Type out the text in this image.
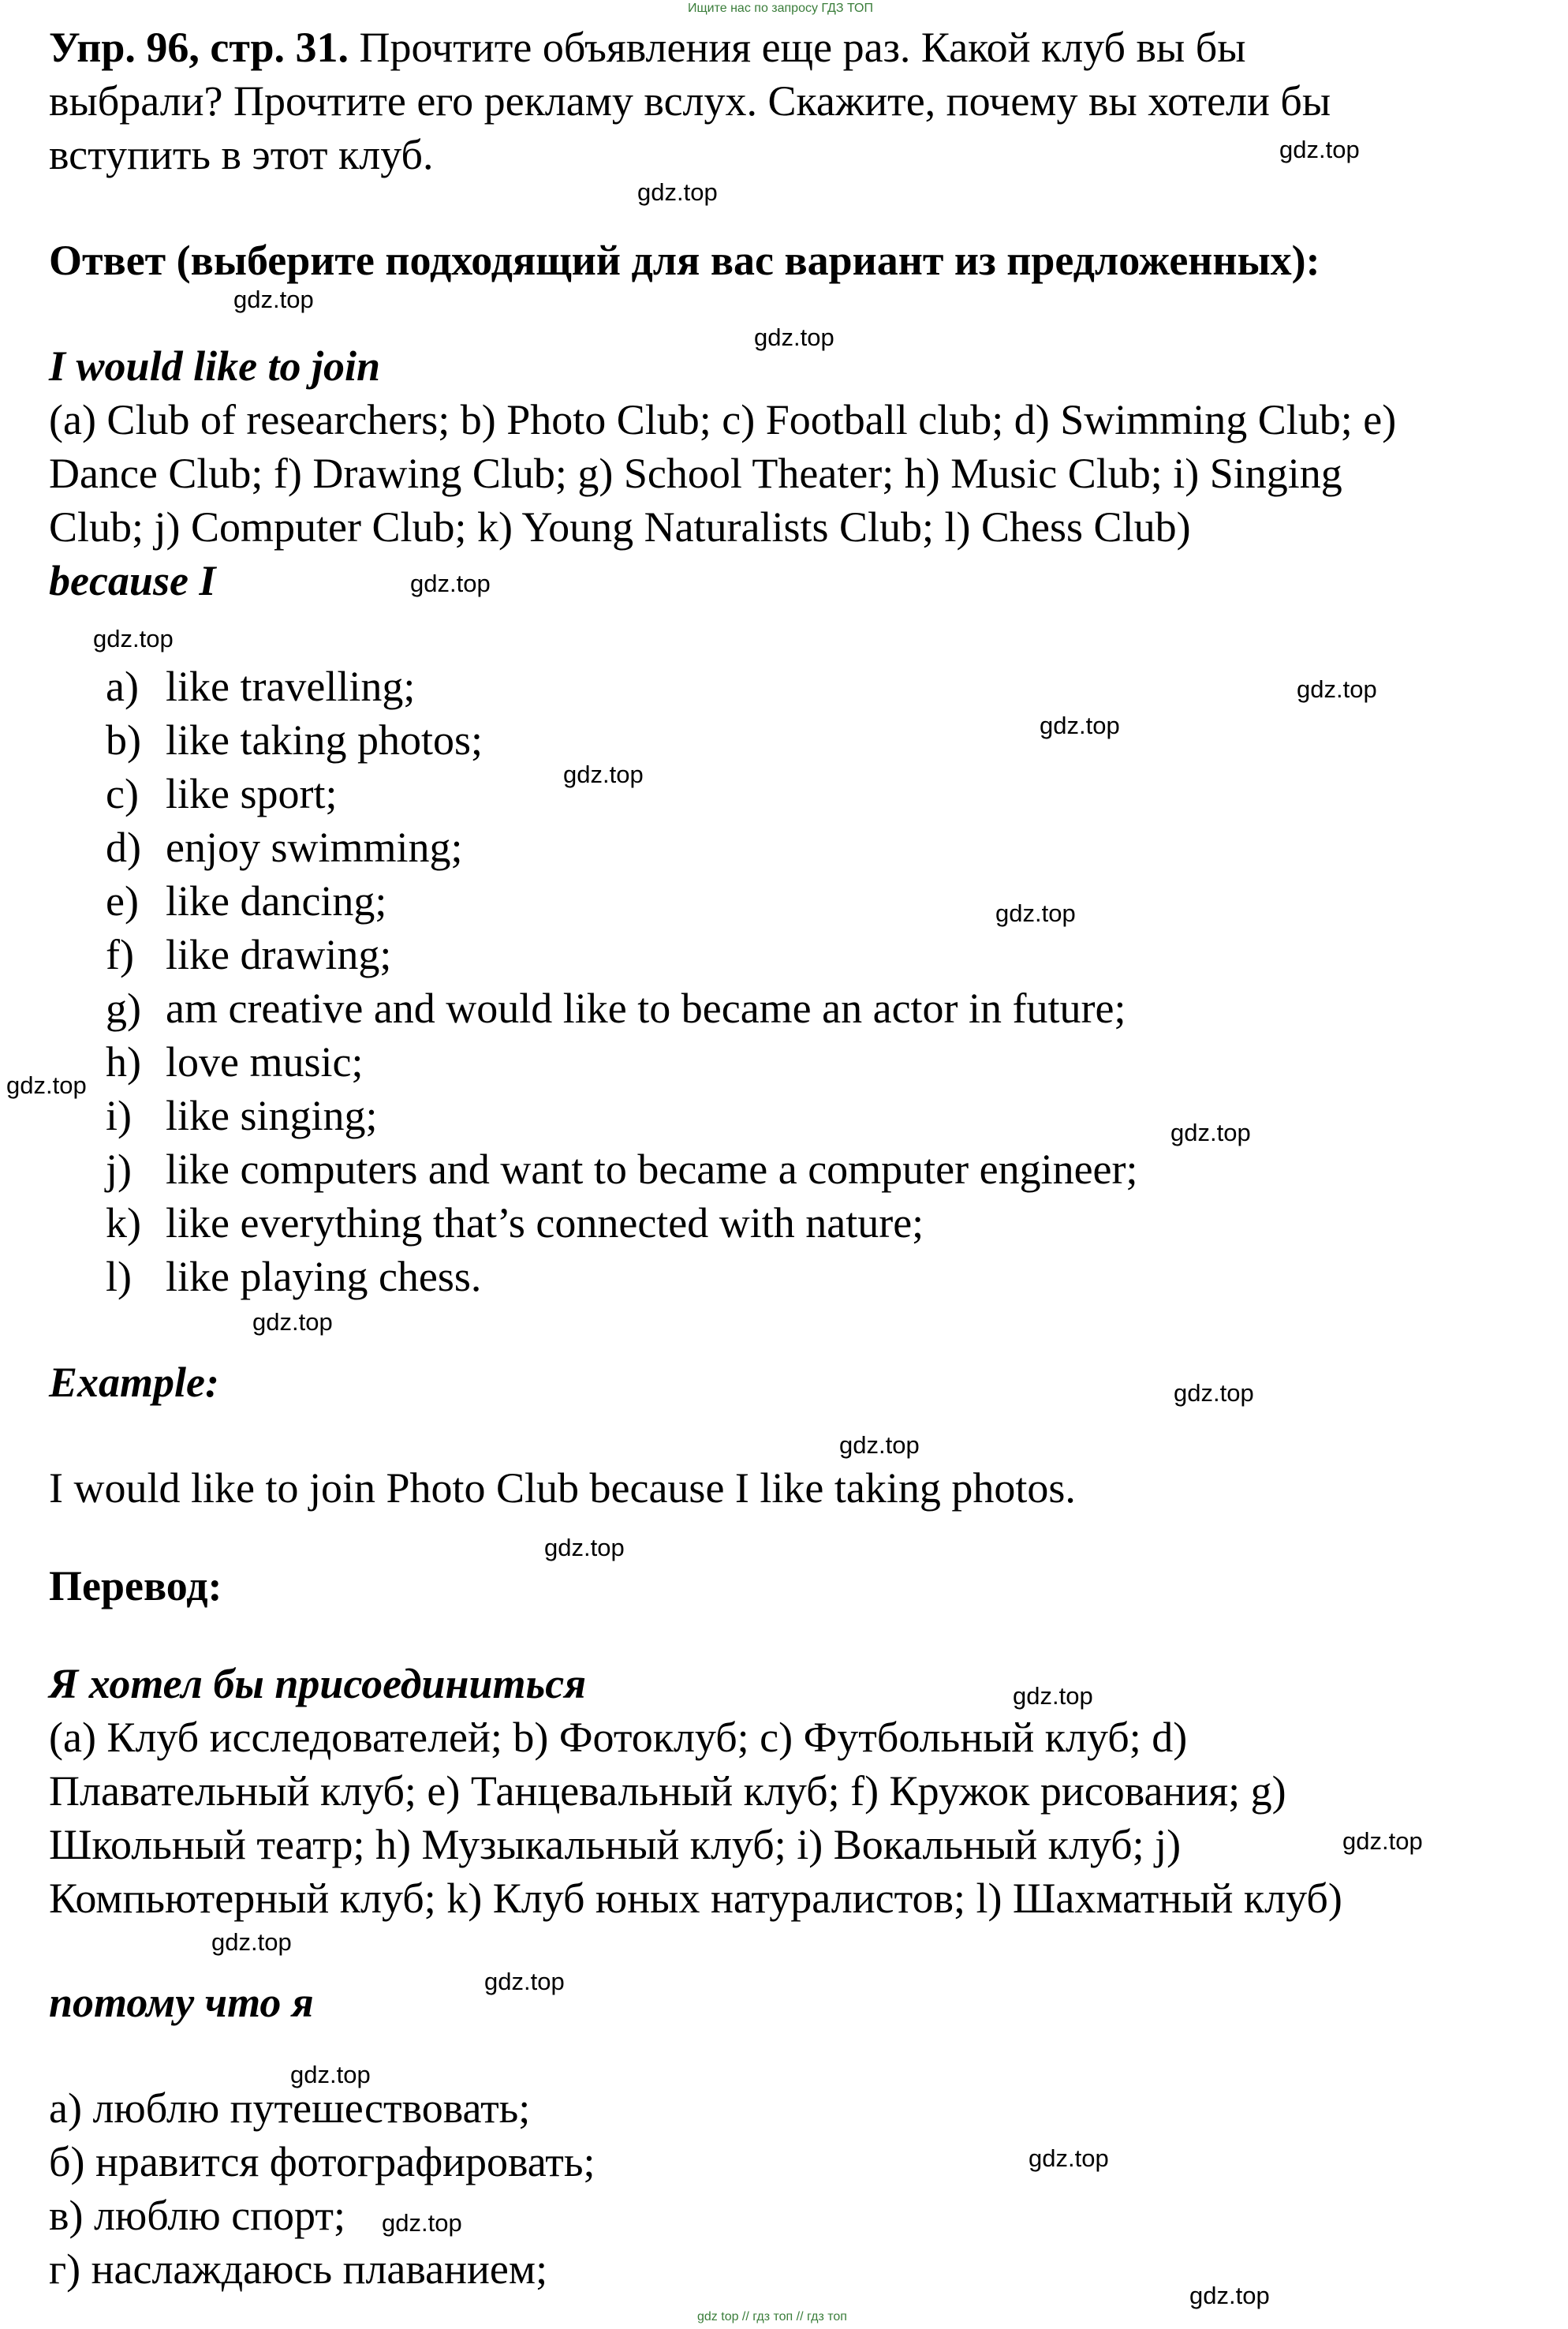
Ищите нас по запросу ГДЗ ТОП
Упр. 96, стр. 31. Прочтите объявления еще раз. Какой клуб вы бы
выбрали? Прочтите его рекламу вслух. Скажите, почему вы хотели бы
вступить в этот клуб.
Ответ (выберите подходящий для вас вариант из предложенных):
I would like to join
(a) Club of researchers; b) Photo Club; c) Football club; d) Swimming Club; e)
Dance Club; f) Drawing Club; g) School Theater; h) Music Club; i) Singing
Club; j) Computer Club; k) Young Naturalists Club; l) Chess Club)
because I
a) like travelling;
b) like taking photos;
c) like sport;
d) enjoy swimming;
e) like dancing;
f) like drawing;
g) am creative and would like to became an actor in future;
h) love music;
i) like singing;
j) like computers and want to became a computer engineer;
k) like everything that’s connected with nature;
l) like playing chess.
Example:
I would like to join Photo Club because I like taking photos.
Перевод:
Я хотел бы присоединиться
(a) Клуб исследователей; b) Фотоклуб; c) Футбольный клуб; d)
Плавательный клуб; e) Танцевальный клуб; f) Кружок рисования; g)
Школьный театр; h) Музыкальный клуб; i) Вокальный клуб; j)
Компьютерный клуб; k) Клуб юных натуралистов; l) Шахматный клуб)
потому что я
а) люблю путешествовать;
б) нравится фотографировать;
в) люблю спорт;
г) наслаждаюсь плаванием;
gdz.top
gdz.top
gdz.top
gdz.top
gdz.top
gdz.top
gdz.top
gdz.top
gdz.top
gdz.top
gdz.top
gdz.top
gdz.top
gdz.top
gdz.top
gdz.top
gdz.top
gdz.top
gdz.top
gdz.top
gdz.top
gdz.top
gdz.top
gdz.top
gdz top // гдз топ // гдз топ
